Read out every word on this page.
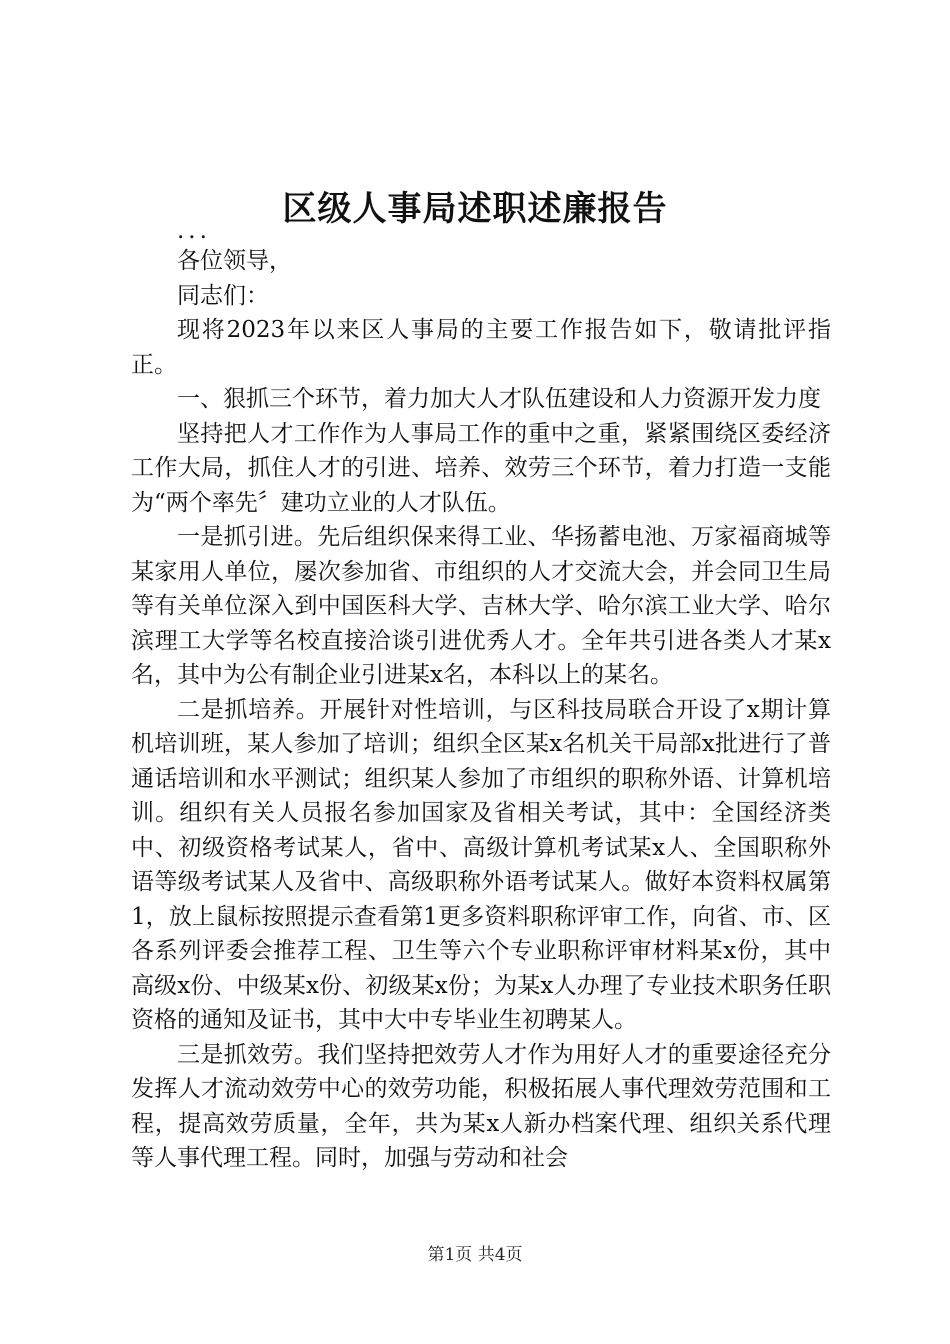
区级人事局述职述廉报告

...

各位领导，

同志们：

现将2023年以来区人事局的主要工作报告如下，敬请批评指正。

一、狠抓三个环节，着力加大人才队伍建设和人力资源开发力度

坚持把人才工作作为人事局工作的重中之重，紧紧围绕区委经济工作大局，抓住人才的引进、培养、效劳三个环节，着力打造一支能为“两个率先〞建功立业的人才队伍。

一是抓引进。先后组织保来得工业、华扬蓄电池、万家福商城等某家用人单位，屡次参加省、市组织的人才交流大会，并会同卫生局等有关单位深入到中国医科大学、吉林大学、哈尔滨工业大学、哈尔滨理工大学等名校直接洽谈引进优秀人才。全年共引进各类人才某x名，其中为公有制企业引进某x名，本科以上的某名。

二是抓培养。开展针对性培训，与区科技局联合开设了x期计算机培训班，某人参加了培训；组织全区某x名机关干局部x批进行了普通话培训和水平测试；组织某人参加了市组织的职称外语、计算机培训。组织有关人员报名参加国家及省相关考试，其中：全国经济类中、初级资格考试某人，省中、高级计算机考试某x人、全国职称外语等级考试某人及省中、高级职称外语考试某人。做好本资料权属第1，放上鼠标按照提示查看第1更多资料职称评审工作，向省、市、区各系列评委会推荐工程、卫生等六个专业职称评审材料某x份，其中高级x份、中级某x份、初级某x份；为某x人办理了专业技术职务任职资格的通知及证书，其中大中专毕业生初聘某人。

三是抓效劳。我们坚持把效劳人才作为用好人才的重要途径充分发挥人才流动效劳中心的效劳功能，积极拓展人事代理效劳范围和工程，提高效劳质量，全年，共为某x人新办档案代理、组织关系代理等人事代理工程。同时，加强与劳动和社会

第1页 共4页
